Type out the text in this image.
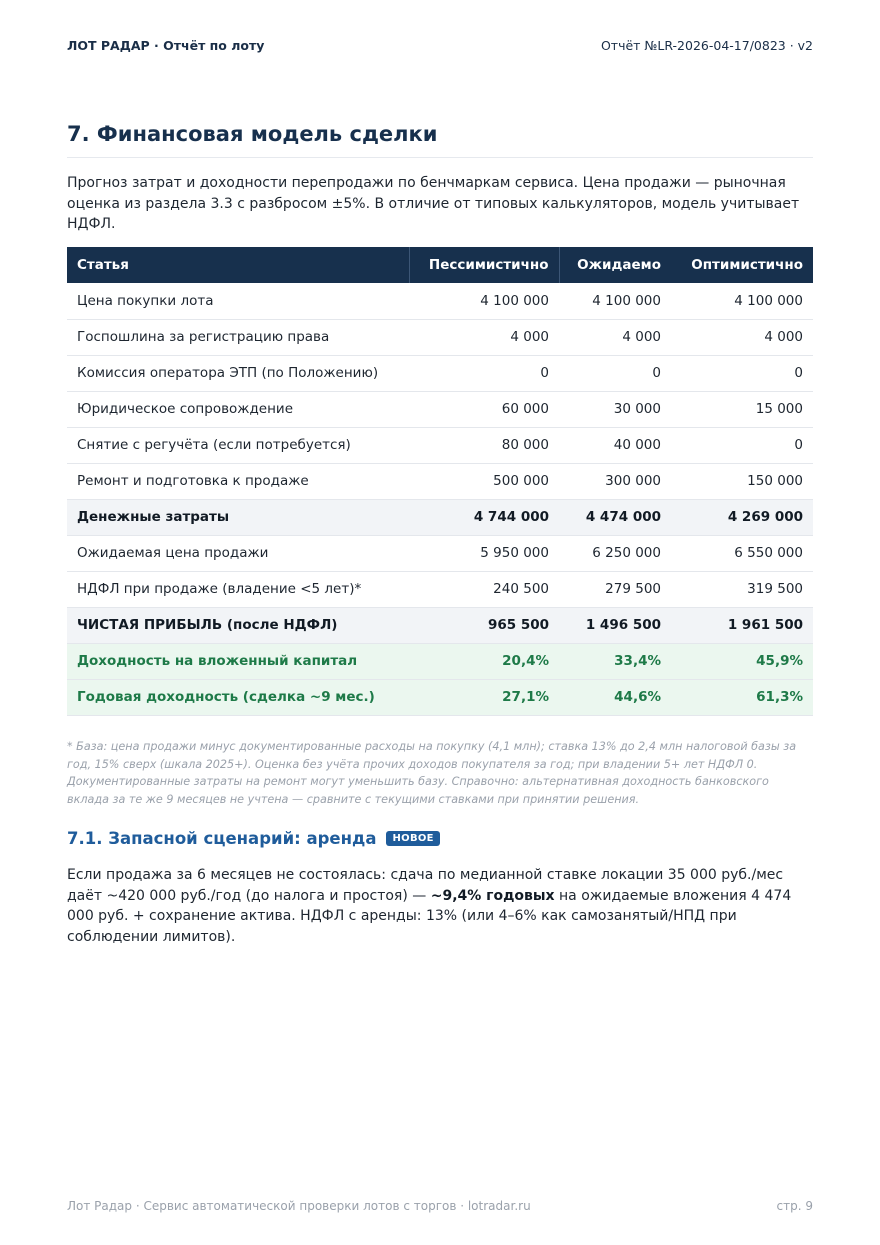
ЛОТ РАДАР · Отчёт по лоту	Отчёт №LR-2026-04-17/0823 · v2
7. Финансовая модель сделки

Прогноз затрат и доходности перепродажи по бенчмаркам сервиса. Цена продажи — рыночная оценка из раздела 3.3 с разбросом ±5%. В отличие от типовых калькуляторов, модель учитывает НДФЛ.

Статья	Пессимистично	Ожидаемо	Оптимистично
Цена покупки лота	4 100 000	4 100 000	4 100 000
Госпошлина за регистрацию права	4 000	4 000	4 000
Комиссия оператора ЭТП (по Положению)	0	0	0
Юридическое сопровождение	60 000	30 000	15 000
Снятие с регучёта (если потребуется)	80 000	40 000	0
Ремонт и подготовка к продаже	500 000	300 000	150 000
Денежные затраты	4 744 000	4 474 000	4 269 000
Ожидаемая цена продажи	5 950 000	6 250 000	6 550 000
НДФЛ при продаже (владение <5 лет)*	240 500	279 500	319 500
ЧИСТАЯ ПРИБЫЛЬ (после НДФЛ)	965 500	1 496 500	1 961 500
Доходность на вложенный капитал	20,4%	33,4%	45,9%
Годовая доходность (сделка ~9 мес.)	27,1%	44,6%	61,3%

* База: цена продажи минус документированные расходы на покупку (4,1 млн); ставка 13% до 2,4 млн налоговой базы за год, 15% сверх (шкала 2025+). Оценка без учёта прочих доходов покупателя за год; при владении 5+ лет НДФЛ 0. Документированные затраты на ремонт могут уменьшить базу. Справочно: альтернативная доходность банковского вклада за те же 9 месяцев не учтена — сравните с текущими ставками при принятии решения.

7.1. Запасной сценарий: аренда НОВОЕ

Если продажа за 6 месяцев не состоялась: сдача по медианной ставке локации 35 000 руб./мес даёт ~420 000 руб./год (до налога и простоя) — ~9,4% годовых на ожидаемые вложения 4 474 000 руб. + сохранение актива. НДФЛ с аренды: 13% (или 4–6% как самозанятый/НПД при соблюдении лимитов).

Лот Радар · Сервис автоматической проверки лотов с торгов · lotradar.ru	стр. 9
